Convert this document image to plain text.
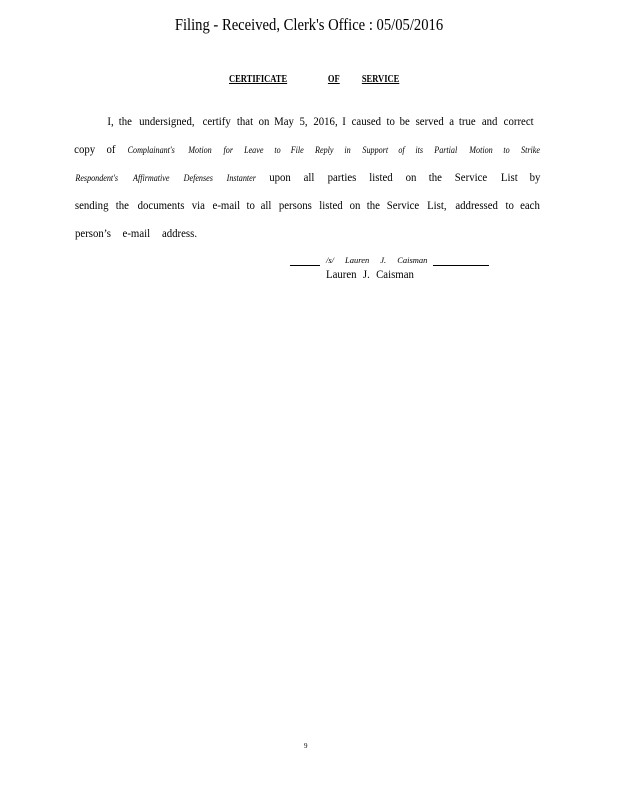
Filing - Received, Clerk's Office : 05/05/2016
CERTIFICATE	OF SERVICE
I, the undersigned, certify that on May 5, 2016, I caused to be served a true and correct
copy of Complainant's Motion for Leave to File Reply in Support of its Partial Motion to Strike
Respondent's Affirmative Defenses Instanter upon all parties listed on the Service List by
sending the documents via e-mail to all persons listed on the Service List, addressed to each
person’s e-mail address.
/s/ Lauren J. Caisman
Lauren J. Caisman
9
